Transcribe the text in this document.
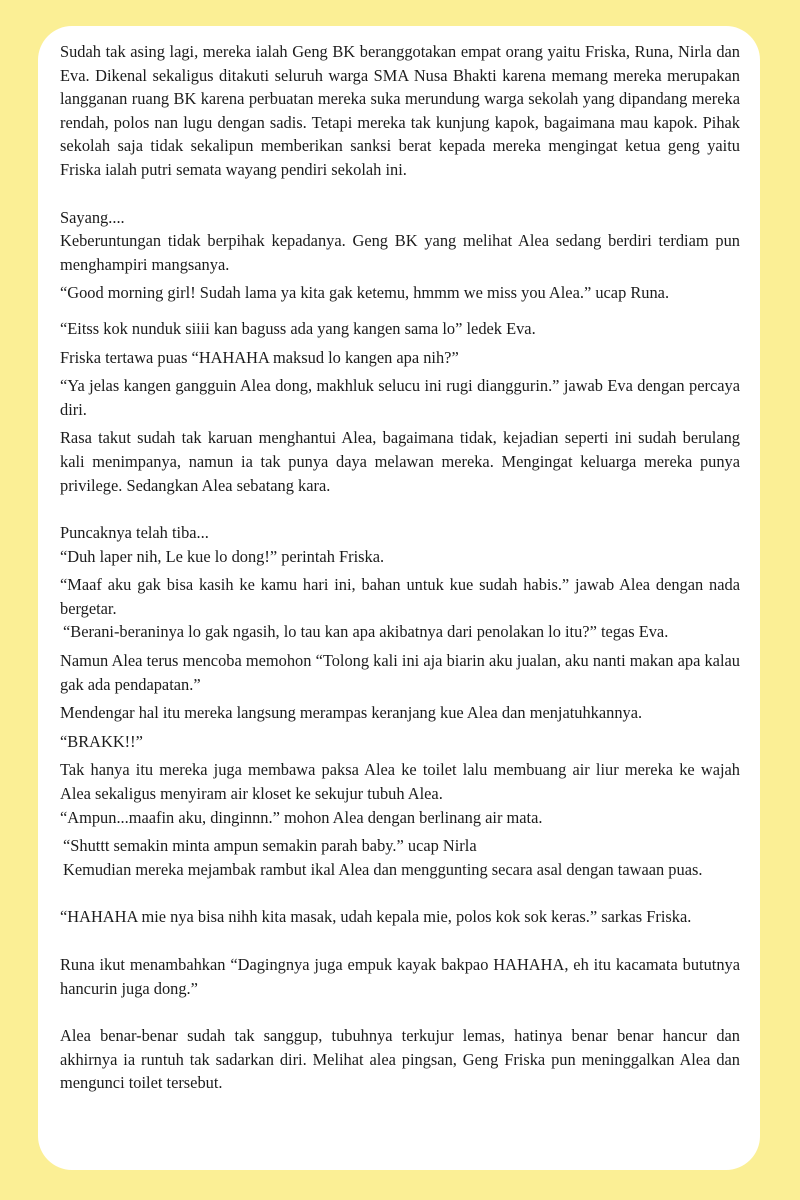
Sudah tak asing lagi, mereka ialah Geng BK beranggotakan empat orang yaitu Friska, Runa, Nirla dan Eva. Dikenal sekaligus ditakuti seluruh warga SMA Nusa Bhakti karena memang mereka merupakan langganan ruang BK karena perbuatan mereka suka merundung warga sekolah yang dipandang mereka rendah, polos nan lugu dengan sadis. Tetapi mereka tak kunjung kapok, bagaimana mau kapok. Pihak sekolah saja tidak sekalipun memberikan sanksi berat kepada mereka mengingat ketua geng yaitu Friska ialah putri semata wayang pendiri sekolah ini.

Sayang....

Keberuntungan tidak berpihak kepadanya. Geng BK yang melihat Alea sedang berdiri terdiam pun menghampiri mangsanya.

“Good morning girl! Sudah lama ya kita gak ketemu, hmmm we miss you Alea.” ucap Runa.

“Eitss kok nunduk siiii kan baguss ada yang kangen sama lo” ledek Eva.

Friska tertawa puas “HAHAHA maksud lo kangen apa nih?”

“Ya jelas kangen gangguin Alea dong, makhluk selucu ini rugi dianggurin.” jawab Eva dengan percaya diri.

Rasa takut sudah tak karuan menghantui Alea, bagaimana tidak, kejadian seperti ini sudah berulang kali menimpanya, namun ia tak punya daya melawan mereka. Mengingat keluarga mereka punya privilege. Sedangkan Alea sebatang kara.

Puncaknya telah tiba...

“Duh laper nih, Le kue lo dong!” perintah Friska.

“Maaf aku gak bisa kasih ke kamu hari ini, bahan untuk kue sudah habis.” jawab Alea dengan nada bergetar.

“Berani-beraninya lo gak ngasih, lo tau kan apa akibatnya dari penolakan lo itu?” tegas Eva.

Namun Alea terus mencoba memohon “Tolong kali ini aja biarin aku jualan, aku nanti makan apa kalau gak ada pendapatan.”

Mendengar hal itu mereka langsung merampas keranjang kue Alea dan menjatuhkannya.

“BRAKK!!”

Tak hanya itu mereka juga membawa paksa Alea ke toilet lalu membuang air liur mereka ke wajah Alea sekaligus menyiram air kloset ke sekujur tubuh Alea.

“Ampun...maafin aku, dinginnn.” mohon Alea dengan berlinang air mata.

“Shuttt semakin minta ampun semakin parah baby.” ucap Nirla

Kemudian mereka mejambak rambut ikal Alea dan menggunting secara asal dengan tawaan puas.

“HAHAHA mie nya bisa nihh kita masak, udah kepala mie, polos kok sok keras.” sarkas Friska.

Runa ikut menambahkan “Dagingnya juga empuk kayak bakpao HAHAHA, eh itu kacamata bututnya hancurin juga dong.”

Alea benar-benar sudah tak sanggup, tubuhnya terkujur lemas, hatinya benar benar hancur dan akhirnya ia runtuh tak sadarkan diri. Melihat alea pingsan, Geng Friska pun meninggalkan Alea dan mengunci toilet tersebut.
